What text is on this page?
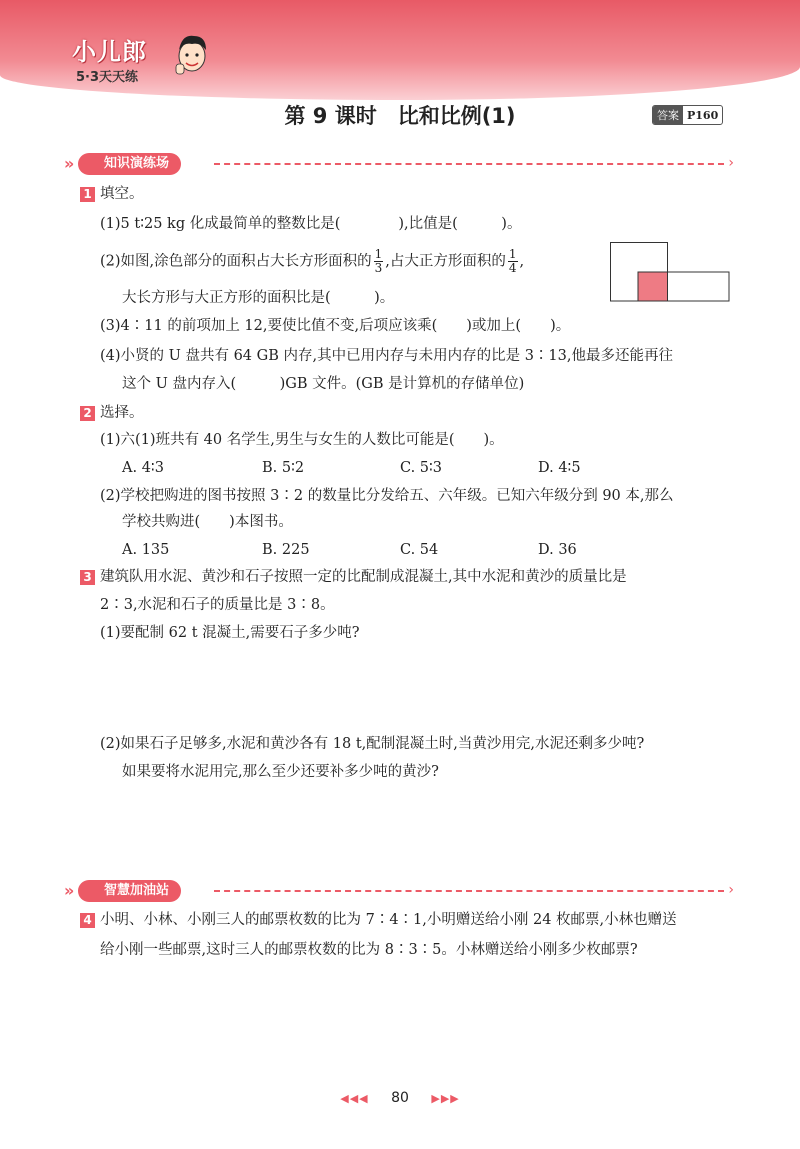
小儿郎
5·3天天练
第 9 课时　比和比例(1)	答案 P160
»	知识演练场	›
1 填空。
(1)5 t∶25 kg 化成最简单的整数比是(　　　　),比值是(　　　)。
(2)如图,涂色部分的面积占大长方形面积的 $\frac{1}{3}$ ,占大正方形面积的 $\frac{1}{4}$ ,
大长方形与大正方形的面积比是(　　　)。
(3)4∶11 的前项加上 12,要使比值不变,后项应该乘(　　)或加上(　　)。
(4)小贤的 U 盘共有 64 GB 内存,其中已用内存与未用内存的比是 3∶13,他最多还能再往
这个 U 盘内存入(　　　)GB 文件。(GB 是计算机的存储单位)
2 选择。
(1)六(1)班共有 40 名学生,男生与女生的人数比可能是(　　)。
A. 4∶3	B. 5∶2	C. 5∶3	D. 4∶5
(2)学校把购进的图书按照 3∶2 的数量比分发给五、六年级。已知六年级分到 90 本,那么
学校共购进(　　)本图书。
A. 135	B. 225	C. 54	D. 36
3 建筑队用水泥、黄沙和石子按照一定的比配制成混凝土,其中水泥和黄沙的质量比是
2∶3,水泥和石子的质量比是 3∶8。
(1)要配制 62 t 混凝土,需要石子多少吨?
(2)如果石子足够多,水泥和黄沙各有 18 t,配制混凝土时,当黄沙用完,水泥还剩多少吨?
如果要将水泥用完,那么至少还要补多少吨的黄沙?
»	智慧加油站	›
4 小明、小林、小刚三人的邮票枚数的比为 7∶4∶1,小明赠送给小刚 24 枚邮票,小林也赠送
给小刚一些邮票,这时三人的邮票枚数的比为 8∶3∶5。小林赠送给小刚多少枚邮票?
◀◀◀ 80 ▶▶▶
